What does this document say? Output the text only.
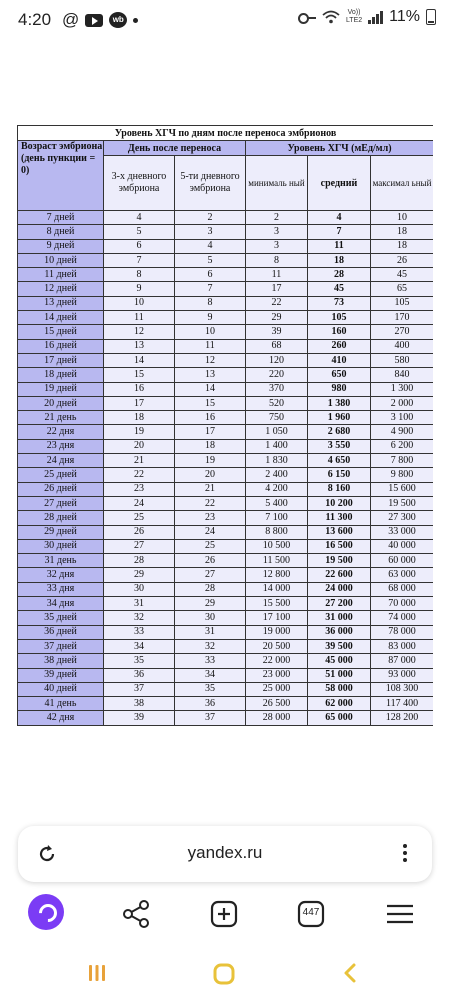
4:20 @	wb
Vo))
LTE2 11%
Уровень ХГЧ по дням после переноса эмбрионов					
Возраст эмбриона (день пункции = 0)	День после переноса		Уровень ХГЧ (мЕд/мл)		
	3-х дневного эмбриона	5-ти дневного эмбриона	минималь ный	средний	максимал ьный
7 дней	4	2	2	4	10
8 дней	5	3	3	7	18
9 дней	6	4	3	11	18
10 дней	7	5	8	18	26
11 дней	8	6	11	28	45
12 дней	9	7	17	45	65
13 дней	10	8	22	73	105
14 дней	11	9	29	105	170
15 дней	12	10	39	160	270
16 дней	13	11	68	260	400
17 дней	14	12	120	410	580
18 дней	15	13	220	650	840
19 дней	16	14	370	980	1 300
20 дней	17	15	520	1 380	2 000
21 день	18	16	750	1 960	3 100
22 дня	19	17	1 050	2 680	4 900
23 дня	20	18	1 400	3 550	6 200
24 дня	21	19	1 830	4 650	7 800
25 дней	22	20	2 400	6 150	9 800
26 дней	23	21	4 200	8 160	15 600
27 дней	24	22	5 400	10 200	19 500
28 дней	25	23	7 100	11 300	27 300
29 дней	26	24	8 800	13 600	33 000
30 дней	27	25	10 500	16 500	40 000
31 день	28	26	11 500	19 500	60 000
32 дня	29	27	12 800	22 600	63 000
33 дня	30	28	14 000	24 000	68 000
34 дня	31	29	15 500	27 200	70 000
35 дней	32	30	17 100	31 000	74 000
36 дней	33	31	19 000	36 000	78 000
37 дней	34	32	20 500	39 500	83 000
38 дней	35	33	22 000	45 000	87 000
39 дней	36	34	23 000	51 000	93 000
40 дней	37	35	25 000	58 000	108 300
41 день	38	36	26 500	62 000	117 400
42 дня	39	37	28 000	65 000	128 200
yandex.ru
447
